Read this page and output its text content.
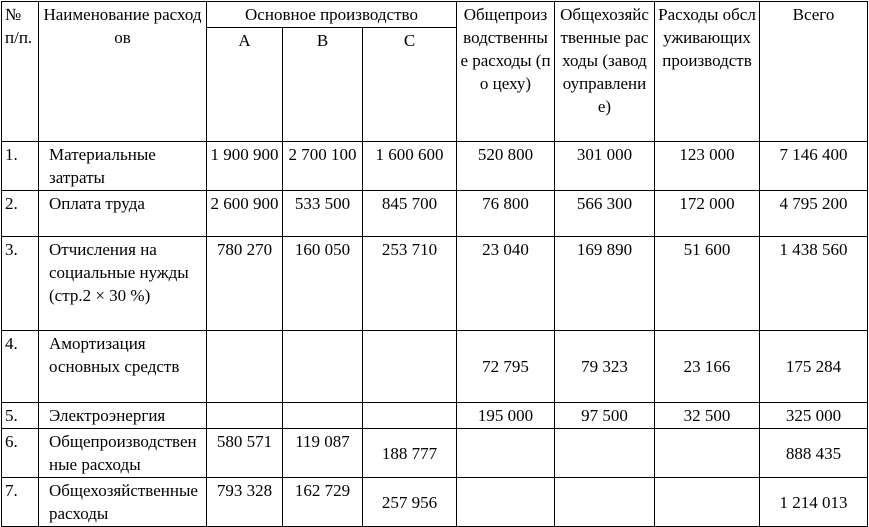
№ п/п.	Наименование расходов	Основное производство			Общепроизводственные расходы (по цеху)	Общехозяйственные расходы (заводоуправление)	Расходы обслуживающих производств	Всего
		А	В	С				
1.	Материальные затраты	1 900 900	2 700 100	1 600 600	520 800	301 000	123 000	7 146 400
2.	Оплата труда	2 600 900	533 500	845 700	76 800	566 300	172 000	4 795 200
3.	Отчисления на социальные нужды (стр.2 × 30 %)	780 270	160 050	253 710	23 040	169 890	51 600	1 438 560
4.	Амортизация основных средств				72 795	79 323	23 166	175 284
5.	Электроэнергия				195 000	97 500	32 500	325 000
6.	Общепроизводственные расходы	580 571	119 087	188 777				888 435
7.	Общехозяйственные расходы	793 328	162 729	257 956				1 214 013
